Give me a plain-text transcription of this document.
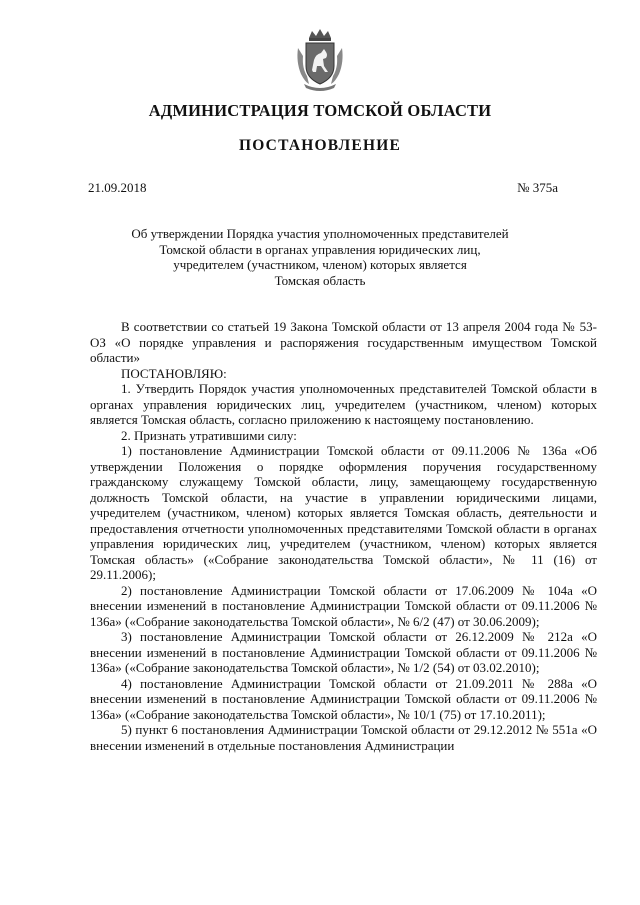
АДМИНИСТРАЦИЯ ТОМСКОЙ ОБЛАСТИ
ПОСТАНОВЛЕНИЕ
21.09.2018	№ 375а
Об утверждении Порядка участия уполномоченных представителей
Томской области в органах управления юридических лиц,
учредителем (участником, членом) которых является
Томская область

В соответствии со статьей 19 Закона Томской области от 13 апреля 2004 года № 53-ОЗ «О порядке управления и распоряжения государственным имуществом Томской области»

ПОСТАНОВЛЯЮ:

1. Утвердить Порядок участия уполномоченных представителей Томской области в органах управления юридических лиц, учредителем (участником, членом) которых является Томская область, согласно приложению к настоящему постановлению.

2. Признать утратившими силу:

1) постановление Администрации Томской области от 09.11.2006 № 136а «Об утверждении Положения о порядке оформления поручения государственному гражданскому служащему Томской области, лицу, замещающему государственную должность Томской области, на участие в управлении юридическими лицами, учредителем (участником, членом) которых является Томская область, деятельности и предоставления отчетности уполномоченных представителями Томской области в органах управления юридических лиц, учредителем (участником, членом) которых является Томская область» («Собрание законодательства Томской области», № 11 (16) от 29.11.2006);

2) постановление Администрации Томской области от 17.06.2009 № 104а «О внесении изменений в постановление Администрации Томской области от 09.11.2006 № 136а» («Собрание законодательства Томской области», № 6/2 (47) от 30.06.2009);

3) постановление Администрации Томской области от 26.12.2009 № 212а «О внесении изменений в постановление Администрации Томской области от 09.11.2006 № 136а» («Собрание законодательства Томской области», № 1/2 (54) от 03.02.2010);

4) постановление Администрации Томской области от 21.09.2011 № 288а «О внесении изменений в постановление Администрации Томской области от 09.11.2006 № 136а» («Собрание законодательства Томской области», № 10/1 (75) от 17.10.2011);

5) пункт 6 постановления Администрации Томской области от 29.12.2012 № 551а «О внесении изменений в отдельные постановления Администрации
